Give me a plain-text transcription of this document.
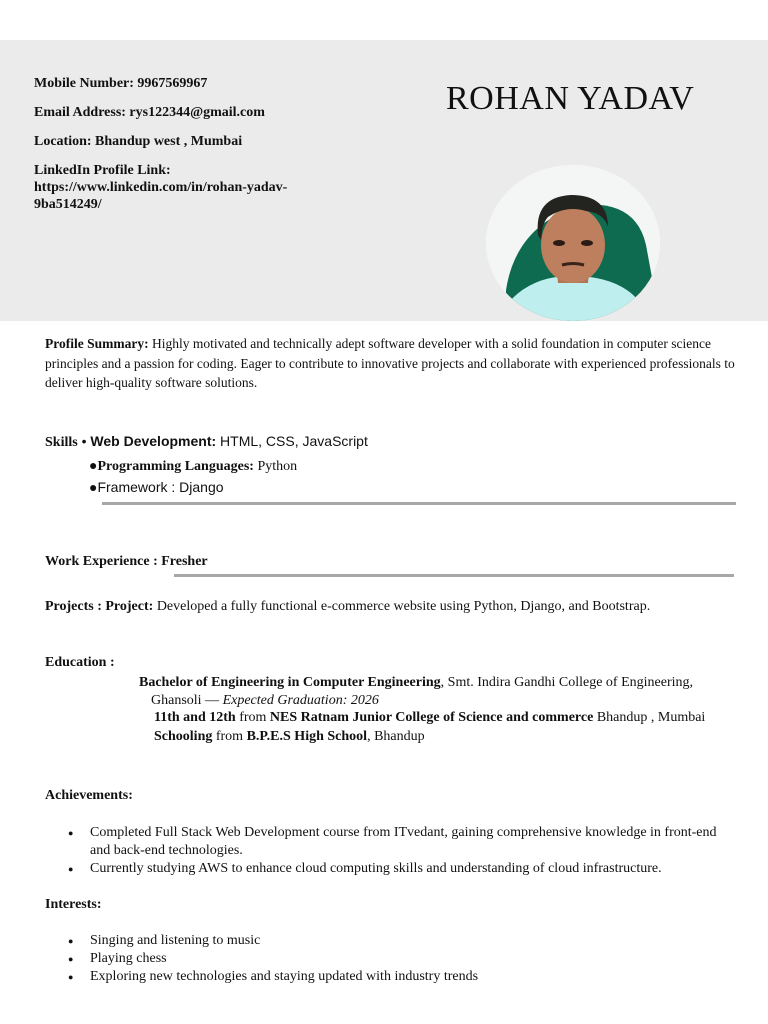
Mobile Number: 9967569967
Email Address: rys122344@gmail.com
Location: Bhandup west , Mumbai
LinkedIn Profile Link:
https://www.linkedin.com/in/rohan-yadav-
9ba514249/
ROHAN YADAV
Profile Summary: Highly motivated and technically adept software developer with a solid foundation in computer science principles and a passion for coding. Eager to contribute to innovative projects and collaborate with experienced professionals to deliver high-quality software solutions.
Skills • Web Development: HTML, CSS, JavaScript
●Programming Languages: Python
●Framework : Django
Work Experience : Fresher
Projects : Project: Developed a fully functional e-commerce website using Python, Django, and Bootstrap.
Education :
Bachelor of Engineering in Computer Engineering, Smt. Indira Gandhi College of Engineering,
Ghansoli — Expected Graduation: 2026
11th and 12th from NES Ratnam Junior College of Science and commerce Bhandup , Mumbai
Schooling from B.P.E.S High School, Bhandup
Achievements:
● Completed Full Stack Web Development course from ITvedant, gaining comprehensive knowledge in front-end and back-end technologies.
● Currently studying AWS to enhance cloud computing skills and understanding of cloud infrastructure.
Interests:
● Singing and listening to music
● Playing chess
● Exploring new technologies and staying updated with industry trends
